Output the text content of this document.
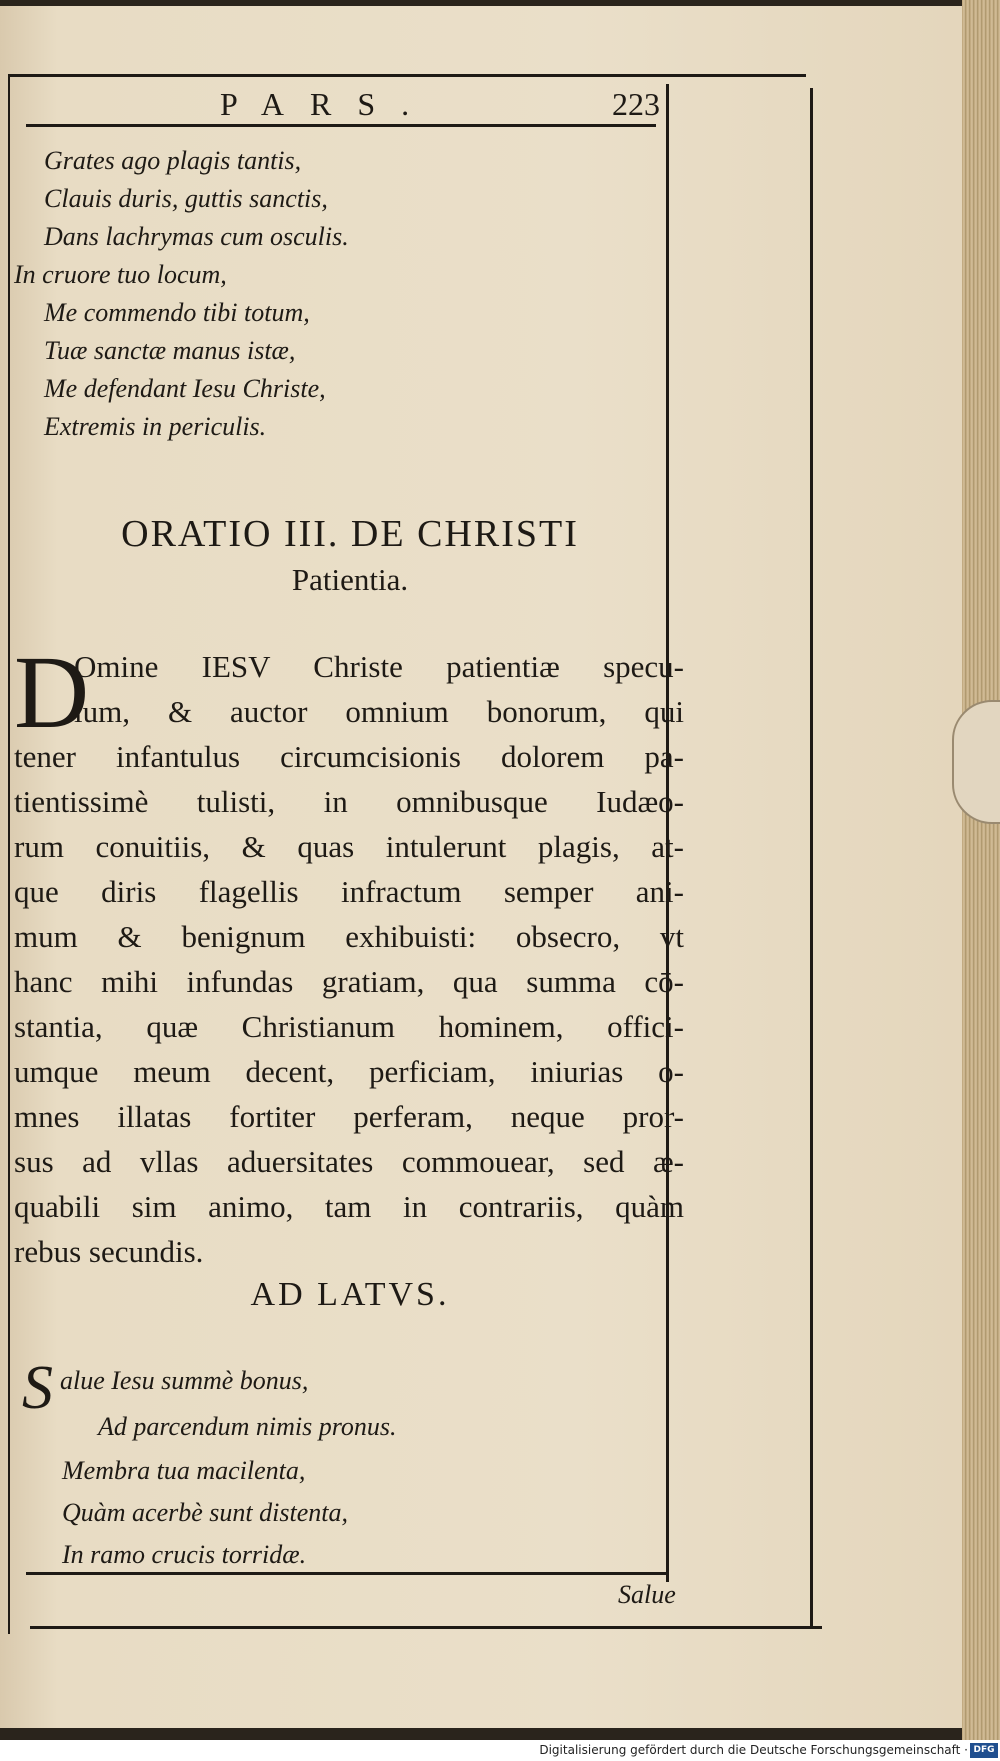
PARS.	223
Grates ago plagis tantis,
Clauis duris, guttis sanctis,
Dans lachrymas cum osculis.
In cruore tuo locum,
Me commendo tibi totum,
Tuæ sanctæ manus istæ,
Me defendant Iesu Christe,
Extremis in periculis.
ORATIO III. DE CHRISTI
Patientia.
D
Omine IESV Christe patientiæ specu-
lum, & auctor omnium bonorum, qui
tener infantulus circumcisionis dolorem pa-
tientissimè tulisti, in omnibusque Iudæo-
rum conuitiis, & quas intulerunt plagis, at-
que diris flagellis infractum semper ani-
mum & benignum exhibuisti: obsecro, vt
hanc mihi infundas gratiam, qua summa cō-
stantia, quæ Christianum hominem, offici-
umque meum decent, perficiam, iniurias o-
mnes illatas fortiter perferam, neque pror-
sus ad vllas aduersitates commouear, sed æ-
quabili sim animo, tam in contrariis, quàm
rebus secundis.
AD LATVS.
S alue Iesu summè bonus,
Ad parcendum nimis pronus.
Membra tua macilenta,
Quàm acerbè sunt distenta,
In ramo crucis torridæ.
Salue
Digitalisierung gefördert durch die Deutsche Forschungsgemeinschaft · DFG
